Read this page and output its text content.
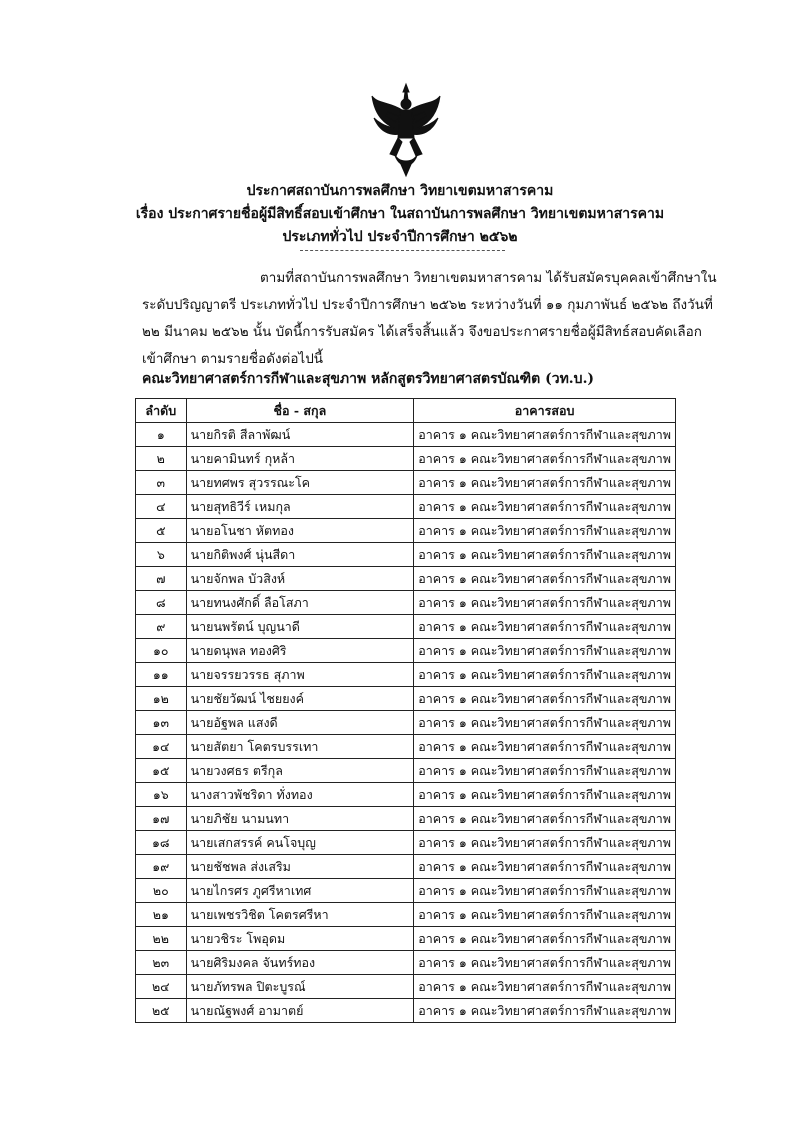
ประกาศสถาบันการพลศึกษา วิทยาเขตมหาสารคาม
เรื่อง ประกาศรายชื่อผู้มีสิทธิ์สอบเข้าศึกษา ในสถาบันการพลศึกษา วิทยาเขตมหาสารคาม
ประเภททั่วไป ประจำปีการศึกษา ๒๕๖๒
ตามที่สถาบันการพลศึกษา วิทยาเขตมหาสารคาม ได้รับสมัครบุคคลเข้าศึกษาใน
ระดับปริญญาตรี ประเภททั่วไป ประจำปีการศึกษา ๒๕๖๒ ระหว่างวันที่ ๑๑ กุมภาพันธ์ ๒๕๖๒ ถึงวันที่
๒๒ มีนาคม ๒๕๖๒ นั้น บัดนี้การรับสมัคร ได้เสร็จสิ้นแล้ว จึงขอประกาศรายชื่อผู้มีสิทธ์สอบคัดเลือก
เข้าศึกษา ตามรายชื่อดังต่อไปนี้
คณะวิทยาศาสตร์การกีฬาและสุขภาพ หลักสูตรวิทยาศาสตรบัณฑิต (วท.บ.)
ลำดับ	ชื่อ - สกุล	อาคารสอบ
๑	นายกิรติ สีลาพัฒน์	อาคาร ๑ คณะวิทยาศาสตร์การกีฬาและสุขภาพ
๒	นายคามินทร์ กุหล้า	อาคาร ๑ คณะวิทยาศาสตร์การกีฬาและสุขภาพ
๓	นายทศพร สุวรรณะโค	อาคาร ๑ คณะวิทยาศาสตร์การกีฬาและสุขภาพ
๔	นายสุทธิวีร์ เหมกุล	อาคาร ๑ คณะวิทยาศาสตร์การกีฬาและสุขภาพ
๕	นายอโนชา หัตทอง	อาคาร ๑ คณะวิทยาศาสตร์การกีฬาและสุขภาพ
๖	นายกิติพงศ์ นุ่นสีดา	อาคาร ๑ คณะวิทยาศาสตร์การกีฬาและสุขภาพ
๗	นายจักพล บัวสิงห์	อาคาร ๑ คณะวิทยาศาสตร์การกีฬาและสุขภาพ
๘	นายทนงศักดิ์ ลือโสภา	อาคาร ๑ คณะวิทยาศาสตร์การกีฬาและสุขภาพ
๙	นายนพรัตน์ บุญนาดี	อาคาร ๑ คณะวิทยาศาสตร์การกีฬาและสุขภาพ
๑๐	นายดนุพล ทองศิริ	อาคาร ๑ คณะวิทยาศาสตร์การกีฬาและสุขภาพ
๑๑	นายจรรยวรรธ สุภาพ	อาคาร ๑ คณะวิทยาศาสตร์การกีฬาและสุขภาพ
๑๒	นายชัยวัฒน์ ไชยยงค์	อาคาร ๑ คณะวิทยาศาสตร์การกีฬาและสุขภาพ
๑๓	นายอัฐพล แสงดี	อาคาร ๑ คณะวิทยาศาสตร์การกีฬาและสุขภาพ
๑๔	นายสัตยา โคตรบรรเทา	อาคาร ๑ คณะวิทยาศาสตร์การกีฬาและสุขภาพ
๑๕	นายวงศธร ตรีกุล	อาคาร ๑ คณะวิทยาศาสตร์การกีฬาและสุขภาพ
๑๖	นางสาวพัชริดา ทั่งทอง	อาคาร ๑ คณะวิทยาศาสตร์การกีฬาและสุขภาพ
๑๗	นายภิชัย นามนทา	อาคาร ๑ คณะวิทยาศาสตร์การกีฬาและสุขภาพ
๑๘	นายเสกสรรค์ คนโจบุญ	อาคาร ๑ คณะวิทยาศาสตร์การกีฬาและสุขภาพ
๑๙	นายชัชพล ส่งเสริม	อาคาร ๑ คณะวิทยาศาสตร์การกีฬาและสุขภาพ
๒๐	นายไกรศร ภูศรีหาเทศ	อาคาร ๑ คณะวิทยาศาสตร์การกีฬาและสุขภาพ
๒๑	นายเพชรวิชิต โคตรศรีหา	อาคาร ๑ คณะวิทยาศาสตร์การกีฬาและสุขภาพ
๒๒	นายวชิระ โพอุดม	อาคาร ๑ คณะวิทยาศาสตร์การกีฬาและสุขภาพ
๒๓	นายศิริมงคล จันทร์ทอง	อาคาร ๑ คณะวิทยาศาสตร์การกีฬาและสุขภาพ
๒๔	นายภัทรพล ปิตะบูรณ์	อาคาร ๑ คณะวิทยาศาสตร์การกีฬาและสุขภาพ
๒๕	นายณัฐพงศ์ อามาตย์	อาคาร ๑ คณะวิทยาศาสตร์การกีฬาและสุขภาพ
